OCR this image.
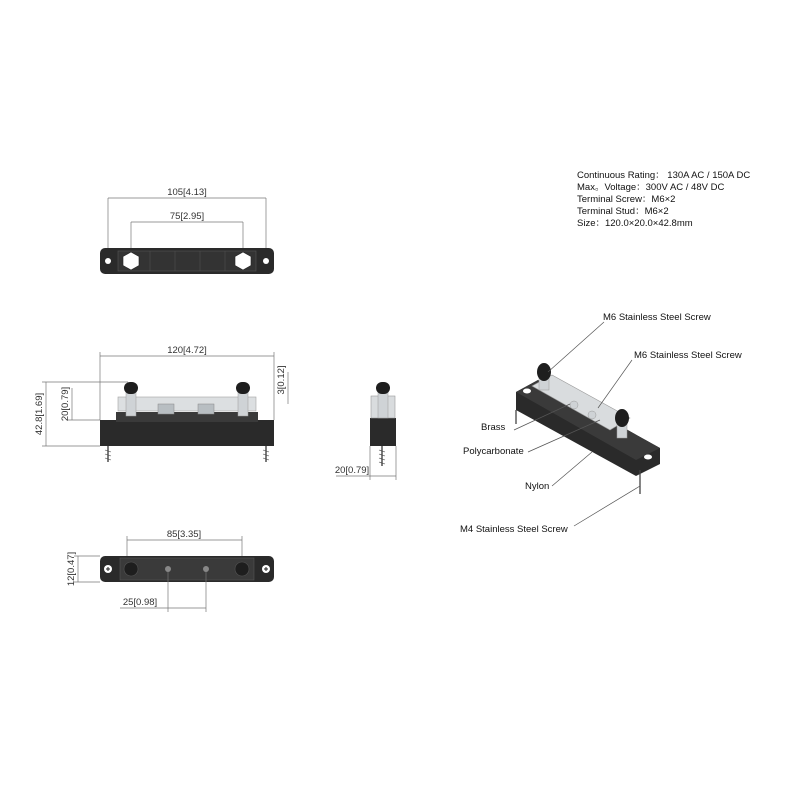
Continuous Rating： 130A AC / 150A DC
Max。Voltage：300V AC / 48V DC
Terminal Screw：M6×2
Terminal Stud：M6×2
Size：120.0×20.0×42.8mm
105[4.13]
75[2.95]
120[4.72]
42.8[1.69] 20[0.79]
3[0.12]
20[0.79]
85[3.35]
12[0.47]
25[0.98]
M6 Stainless Steel Screw
M6 Stainless Steel Screw
Brass
Polycarbonate
Nylon
M4 Stainless Steel Screw
